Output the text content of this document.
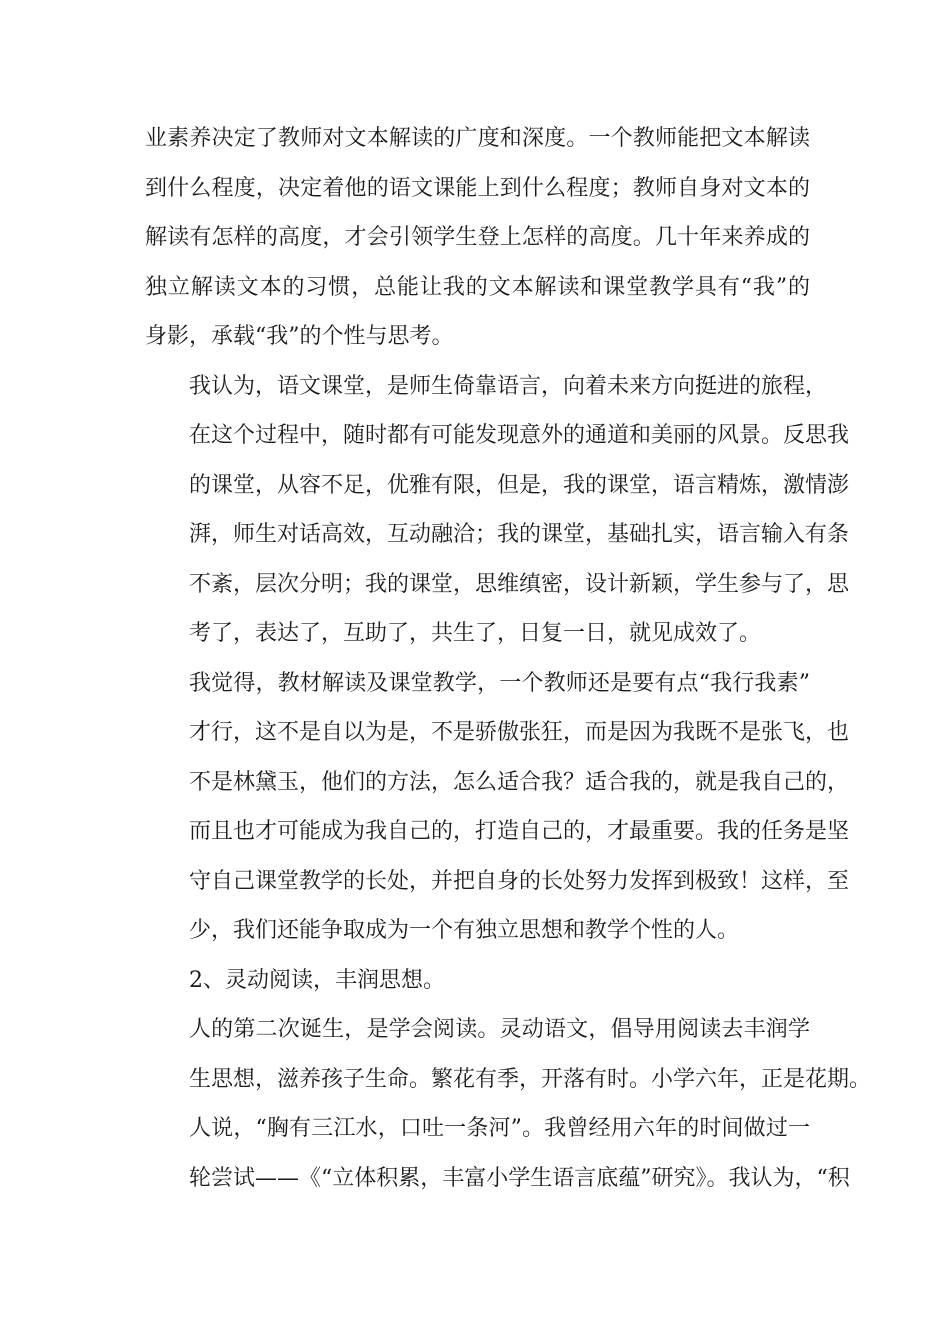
业素养决定了教师对文本解读的广度和深度。一个教师能把文本解读
到什么程度，决定着他的语文课能上到什么程度；教师自身对文本的
解读有怎样的高度，才会引领学生登上怎样的高度。几十年来养成的
独立解读文本的习惯，总能让我的文本解读和课堂教学具有“我”的
身影，承载“我”的个性与思考。
我认为，语文课堂，是师生倚靠语言，向着未来方向挺进的旅程，
在这个过程中，随时都有可能发现意外的通道和美丽的风景。反思我
的课堂，从容不足，优雅有限，但是，我的课堂，语言精炼，激情澎
湃，师生对话高效，互动融洽；我的课堂，基础扎实，语言输入有条
不紊，层次分明；我的课堂，思维缜密，设计新颖，学生参与了，思
考了，表达了，互助了，共生了，日复一日，就见成效了。
我觉得，教材解读及课堂教学，一个教师还是要有点“我行我素”
才行，这不是自以为是，不是骄傲张狂，而是因为我既不是张飞，也
不是林黛玉，他们的方法，怎么适合我？适合我的，就是我自己的，
而且也才可能成为我自己的，打造自己的，才最重要。我的任务是坚
守自己课堂教学的长处，并把自身的长处努力发挥到极致！这样，至
少，我们还能争取成为一个有独立思想和教学个性的人。
2、灵动阅读，丰润思想。
人的第二次诞生，是学会阅读。灵动语文，倡导用阅读去丰润学
生思想，滋养孩子生命。繁花有季，开落有时。小学六年，正是花期。
人说，“胸有三江水，口吐一条河”。我曾经用六年的时间做过一
轮尝试——《“立体积累，丰富小学生语言底蕴”研究》。我认为，“积
